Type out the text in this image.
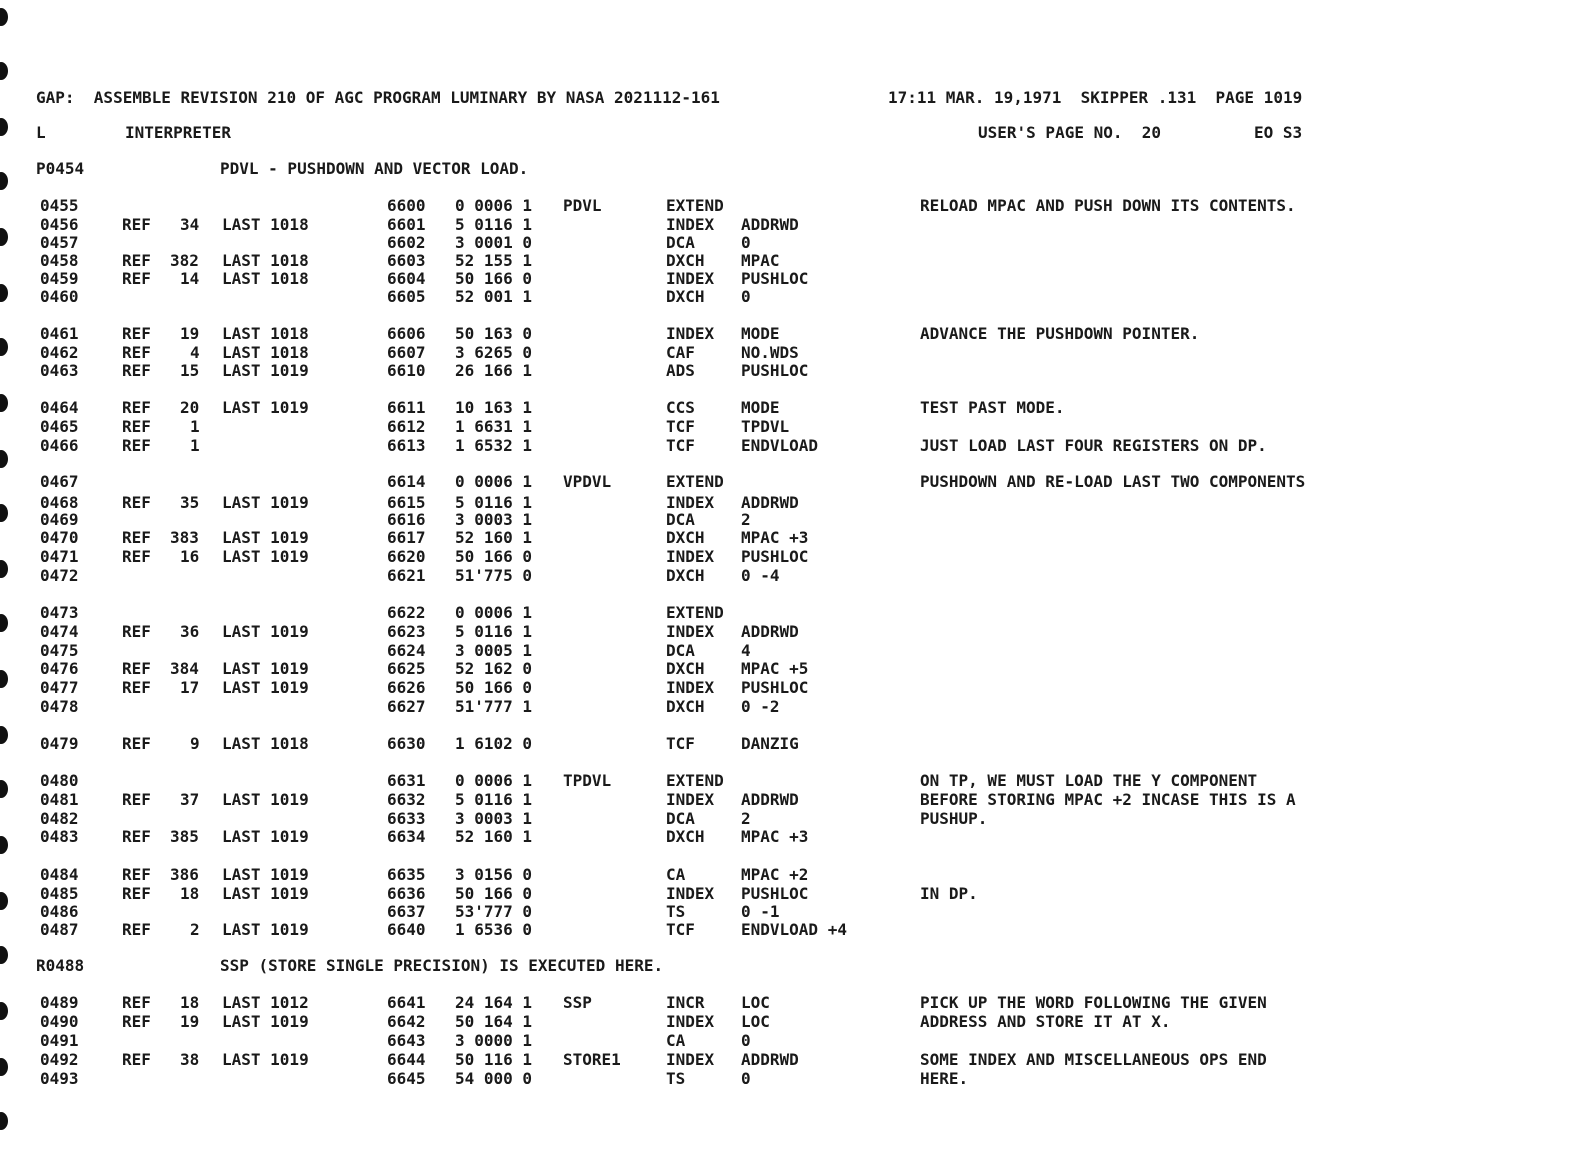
GAP:  ASSEMBLE REVISION 210 OF AGC PROGRAM LUMINARY BY NASA 2021112-161	17:11 MAR. 19,1971  SKIPPER .131  PAGE 1019
L	INTERPRETER	USER'S PAGE NO.  20	EO S3
P0454	PDVL - PUSHDOWN AND VECTOR LOAD.
0455	6600 0 0006 1 PDVL	EXTEND	RELOAD MPAC AND PUSH DOWN ITS CONTENTS.
0456	REF 34 LAST 1018	6601 5 0116 1	INDEX ADDRWD
0457	6602 3 0001 0	DCA	0
0458	REF 382 LAST 1018	6603 52 155 1	DXCH MPAC
0459	REF 14 LAST 1018	6604 50 166 0	INDEX PUSHLOC
0460	6605 52 001 1	DXCH 0
0461	REF 19 LAST 1018	6606 50 163 0	INDEX MODE	ADVANCE THE PUSHDOWN POINTER.
0462	REF 4 LAST 1018	6607 3 6265 0	CAF	NO.WDS
0463	REF 15 LAST 1019	6610 26 166 1	ADS	PUSHLOC
0464	REF 20 LAST 1019	6611 10 163 1	CCS	MODE	TEST PAST MODE.
0465	REF 1	6612 1 6631 1	TCF	TPDVL
0466	REF 1	6613 1 6532 1	TCF	ENDVLOAD	JUST LOAD LAST FOUR REGISTERS ON DP.
0467	6614 0 0006 1 VPDVL	EXTEND	PUSHDOWN AND RE-LOAD LAST TWO COMPONENTS
0468	REF 35 LAST 1019	6615 5 0116 1	INDEX ADDRWD
0469	6616 3 0003 1	DCA	2
0470	REF 383 LAST 1019	6617 52 160 1	DXCH MPAC +3
0471	REF 16 LAST 1019	6620 50 166 0	INDEX PUSHLOC
0472	6621 51'775 0	DXCH 0 -4
0473	6622 0 0006 1	EXTEND
0474	REF 36 LAST 1019	6623 5 0116 1	INDEX ADDRWD
0475	6624 3 0005 1	DCA	4
0476	REF 384 LAST 1019	6625 52 162 0	DXCH MPAC +5
0477	REF 17 LAST 1019	6626 50 166 0	INDEX PUSHLOC
0478	6627 51'777 1	DXCH 0 -2
0479	REF 9 LAST 1018	6630 1 6102 0	TCF	DANZIG
0480	6631 0 0006 1 TPDVL	EXTEND	ON TP, WE MUST LOAD THE Y COMPONENT
0481	REF 37 LAST 1019	6632 5 0116 1	INDEX ADDRWD	BEFORE STORING MPAC +2 INCASE THIS IS A
0482	6633 3 0003 1	DCA	2	PUSHUP.
0483	REF 385 LAST 1019	6634 52 160 1	DXCH MPAC +3
0484	REF 386 LAST 1019	6635 3 0156 0	CA	MPAC +2
0485	REF 18 LAST 1019	6636 50 166 0	INDEX PUSHLOC	IN DP.
0486	6637 53'777 0	TS	0 -1
0487	REF 2 LAST 1019	6640 1 6536 0	TCF	ENDVLOAD +4
R0488	SSP (STORE SINGLE PRECISION) IS EXECUTED HERE.
0489	REF 18 LAST 1012	6641 24 164 1 SSP	INCR LOC	PICK UP THE WORD FOLLOWING THE GIVEN
0490	REF 19 LAST 1019	6642 50 164 1	INDEX LOC	ADDRESS AND STORE IT AT X.
0491	6643 3 0000 1	CA	0
0492	REF 38 LAST 1019	6644 50 116 1 STORE1	INDEX ADDRWD	SOME INDEX AND MISCELLANEOUS OPS END
0493	6645 54 000 0	TS	0	HERE.
